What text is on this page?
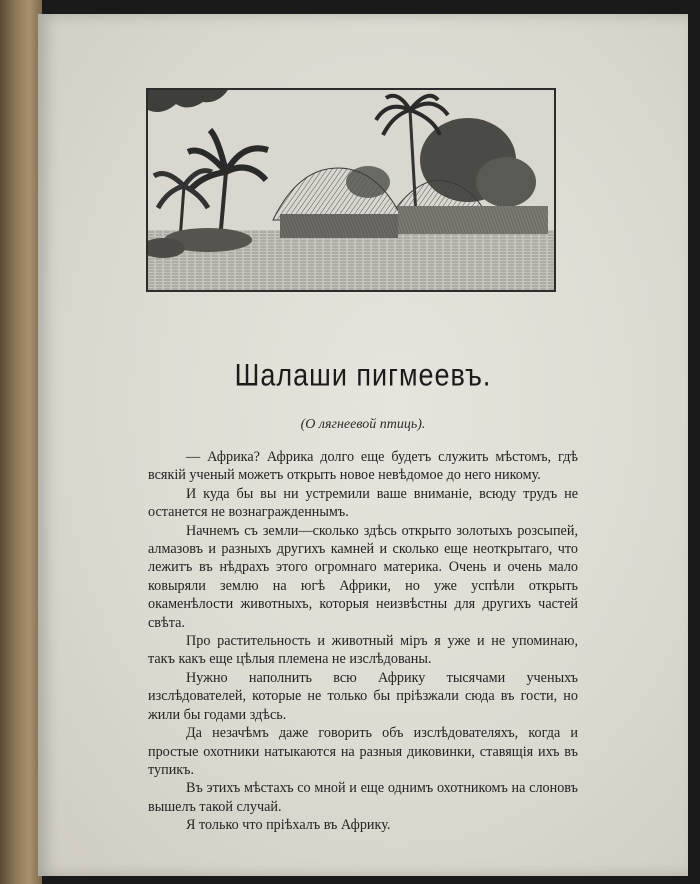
Шалаши пигмеевъ.
(О лягнеевой птиць).

— Африка? Африка долго еще будетъ служить мѣстомъ, гдѣ всякій ученый можетъ открыть новое невѣдомое до него никому.

И куда бы вы ни устремили ваше вниманіе, всюду трудъ не останется не вознагражденнымъ.

Начнемъ съ земли—сколько здѣсь открыто золотыхъ розсыпей, алмазовъ и разныхъ другихъ камней и сколько еще неоткрытаго, что лежитъ въ нѣдрахъ этого огромнаго материка. Очень и очень мало ковыряли землю на югѣ Африки, но уже успѣли открыть окаменѣлости животныхъ, которыя неизвѣстны для другихъ частей свѣта.

Про растительность и животный міръ я уже и не упоминаю, такъ какъ еще цѣлыя племена не изслѣдованы.

Нужно наполнить всю Африку тысячами ученыхъ изслѣдователей, которые не только бы пріѣзжали сюда въ гости, но жили бы годами здѣсь.

Да незачѣмъ даже говорить объ изслѣдователяхъ, когда и простые охотники натыкаются на разныя диковинки, ставящія ихъ въ тупикъ.

Въ этихъ мѣстахъ со мной и еще однимъ охотникомъ на слоновъ вышелъ такой случай.

Я только что пріѣхалъ въ Африку.
